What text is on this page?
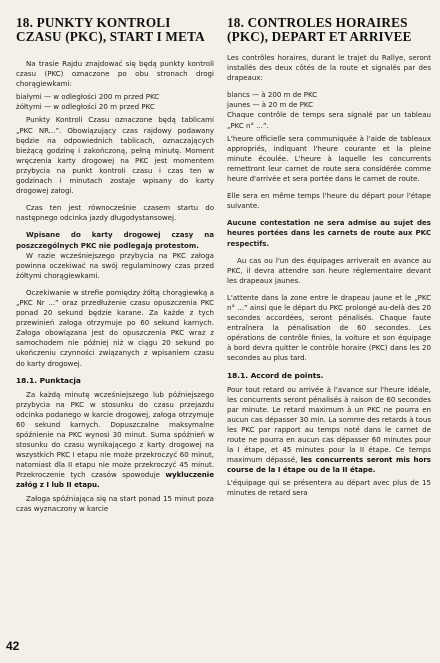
18. PUNKTY KONTROLI CZASU (PKC), START I META

Na trasie Rajdu znajdować się będą punkty kontroli czasu (PKC) oznaczone po obu stronach drogi chorągiewkami:

białymi — w odległości 200 m przed PKC

żółtymi — w odległości 20 m przed PKC

Punkty Kontroli Czasu oznaczone będą tablicami „PKC NR...”. Obowiązujący czas rajdowy podawany będzie na odpowiednich tablicach, oznaczających bieżącą godzinę i zakończoną, pełną minutę. Moment wręczenia karty drogowej na PKC jest momentem przybycia na punkt kontroli czasu i czas ten w godzinach i minutach zostaje wpisany do karty drogowej załogi.

Czas ten jest równocześnie czasem startu do następnego odcinka jazdy długodystansowej.

Wpisane do karty drogowej czasy na poszczególnych PKC nie podlegają protestom.

W razie wcześniejszego przybycia na PKC załoga powinna oczekiwać na swój regulaminowy czas przed żółtymi chorągiewkami.

Oczekiwanie w strefie pomiędzy żółtą chorągiewką a „PKC Nr ...” oraz przedłużenie czasu opuszczenia PKC ponad 20 sekund będzie karane. Za każde z tych przewinień załoga otrzymuje po 60 sekund karnych. Załoga obowiązana jest do opuszczenia PKC wraz z samochodem nie później niż w ciągu 20 sekund po ukończeniu czynności związanych z wpisaniem czasu do karty drogowej.

18.1. Punktacja

Za każdą minutę wcześniejszego lub późniejszego przybycia na PKC w stosunku do czasu przejazdu odcinka podanego w karcie drogowej, załoga otrzymuje 60 sekund karnych. Dopuszczalne maksymalne spóźnienie na PKC wynosi 30 minut. Suma spóźnień w stosunku do czasu wynikającego z karty drogowej na wszystkich PKC I etapu nie może przekroczyć 60 minut, natomiast dla II etapu nie może przekroczyć 45 minut. Przekroczenie tych czasów spowoduje wykluczenie załóg z I lub II etapu.

Załoga spóźniająca się na start ponad 15 minut poza czas wyznaczony w karcie

18. CONTROLES HORAIRES (PKC), DEPART ET ARRIVEE

Les contrôles horaires, durant le trajet du Rallye, seront installés des deux côtés de la route et signalés par des drapeaux:

blancs — à 200 m de PKC

jaunes — à 20 m de PKC

Chaque contrôle de temps sera signalé par un tableau „PKC n° ...”.

L'heure officielle sera communiquée à l'aide de tableaux appropriés, indiquant l'heure courante et la pleine minute écoulée. L'heure à laquelle les concurrents remettront leur carnet de route sera considérée comme heure d'arrivée et sera portée dans le carnet de route.

Elle sera en même temps l'heure du départ pour l'étape suivante.

Aucune contestation ne sera admise au sujet des heures portées dans les carnets de route aux PKC respectifs.

Au cas ou l'un des équipages arriverait en avance au PKC, il devra attendre son heure réglementaire devant les drapeaux jaunes.

L'attente dans la zone entre le drapeau jaune et le „PKC n° ...” ainsi que le départ du PKC prolongé au-delà des 20 secondes accordées, seront pénalisés. Chaque faute entraînera la pénalisation de 60 secondes. Les opérations de contrôle finies, la voiture et son équipage à bord devra quitter le contrôle horaire (PKC) dans les 20 secondes au plus tard.

18.1. Accord de points.

Pour tout retard ou arrivée à l'avance sur l'heure idéale, les concurrents seront pénalisés à raison de 60 secondes par minute. Le retard maximum à un PKC ne pourra en aucun cas dépasser 30 min. La somme des retards à tous les PKC par rapport au temps noté dans le carnet de route ne pourra en aucun cas dépasser 60 minutes pour la I étape, et 45 minutes pour la II étape. Ce temps maximum dépassé, les concurrents seront mis hors course de la I étape ou de la II étape.

L'équipage qui se présentera au départ avec plus de 15 minutes de retard sera

42
